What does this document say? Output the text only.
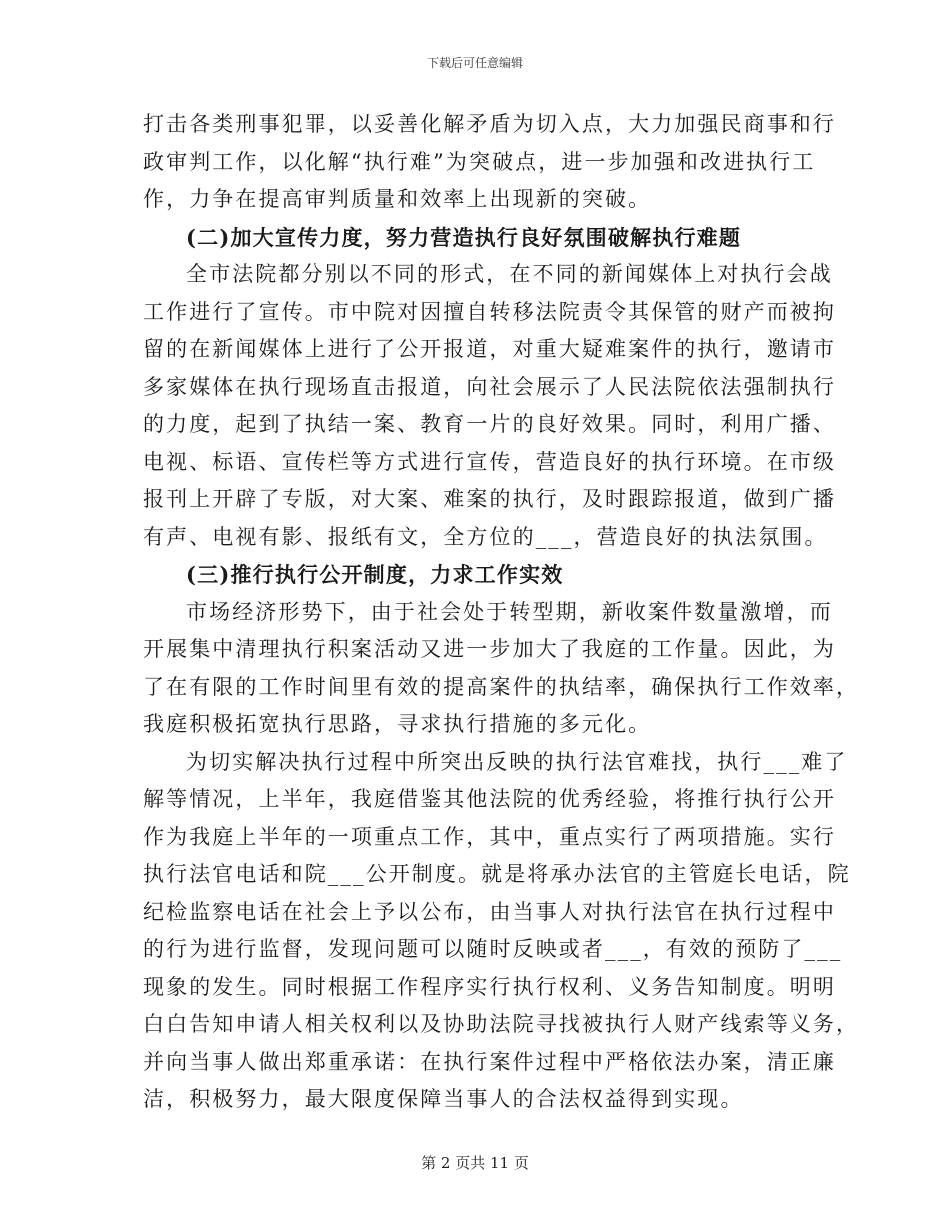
下载后可任意编辑
打击各类刑事犯罪，以妥善化解矛盾为切入点，大力加强民商事和行
政审判工作，以化解“执行难”为突破点，进一步加强和改进执行工
作，力争在提高审判质量和效率上出现新的突破。
(二)加大宣传力度，努力营造执行良好氛围破解执行难题
全市法院都分别以不同的形式，在不同的新闻媒体上对执行会战
工作进行了宣传。市中院对因擅自转移法院责令其保管的财产而被拘
留的在新闻媒体上进行了公开报道，对重大疑难案件的执行，邀请市
多家媒体在执行现场直击报道，向社会展示了人民法院依法强制执行
的力度，起到了执结一案、教育一片的良好效果。同时，利用广播、
电视、标语、宣传栏等方式进行宣传，营造良好的执行环境。在市级
报刊上开辟了专版，对大案、难案的执行，及时跟踪报道，做到广播
有声、电视有影、报纸有文，全方位的___，营造良好的执法氛围。
(三)推行执行公开制度，力求工作实效
市场经济形势下，由于社会处于转型期，新收案件数量激增，而
开展集中清理执行积案活动又进一步加大了我庭的工作量。因此，为
了在有限的工作时间里有效的提高案件的执结率，确保执行工作效率，
我庭积极拓宽执行思路，寻求执行措施的多元化。
为切实解决执行过程中所突出反映的执行法官难找，执行___难了
解等情况，上半年，我庭借鉴其他法院的优秀经验，将推行执行公开
作为我庭上半年的一项重点工作，其中，重点实行了两项措施。实行
执行法官电话和院___公开制度。就是将承办法官的主管庭长电话，院
纪检监察电话在社会上予以公布，由当事人对执行法官在执行过程中
的行为进行监督，发现问题可以随时反映或者___，有效的预防了___
现象的发生。同时根据工作程序实行执行权利、义务告知制度。明明
白白告知申请人相关权利以及协助法院寻找被执行人财产线索等义务，
并向当事人做出郑重承诺：在执行案件过程中严格依法办案，清正廉
洁，积极努力，最大限度保障当事人的合法权益得到实现。
第 2 页共 11 页
